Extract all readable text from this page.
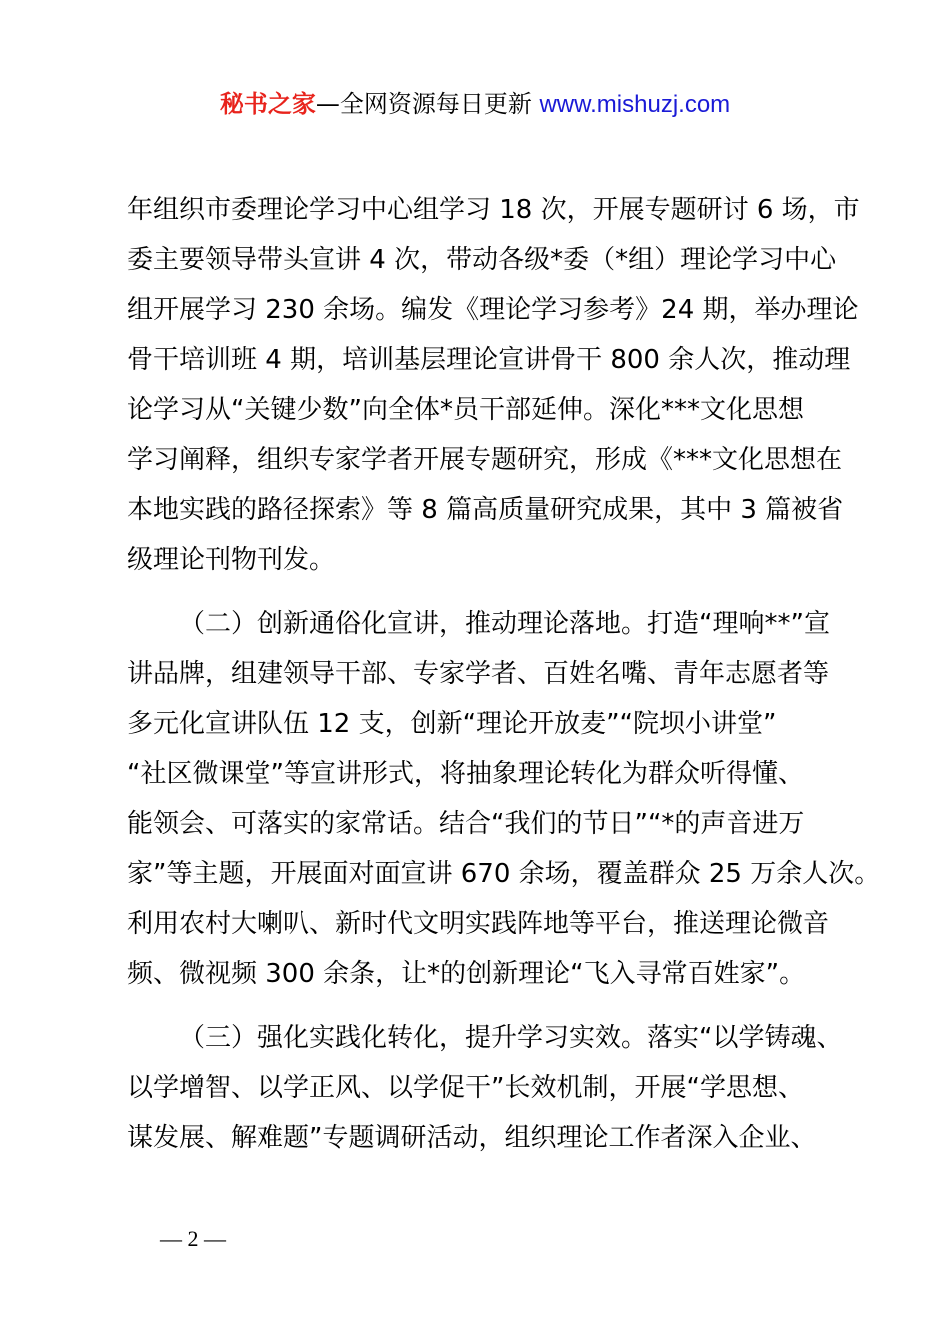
秘书之家—全网资源每日更新 www.mishuzj.com
年组织市委理论学习中心组学习 18 次，开展专题研讨 6 场，市
委主要领导带头宣讲 4 次，带动各级*委（*组）理论学习中心
组开展学习 230 余场。编发《理论学习参考》24 期，举办理论
骨干培训班 4 期，培训基层理论宣讲骨干 800 余人次，推动理
论学习从“关键少数”向全体*员干部延伸。深化***文化思想
学习阐释，组织专家学者开展专题研究，形成《***文化思想在
本地实践的路径探索》等 8 篇高质量研究成果，其中 3 篇被省
级理论刊物刊发。
（二）创新通俗化宣讲，推动理论落地。打造“理响**”宣
讲品牌，组建领导干部、专家学者、百姓名嘴、青年志愿者等
多元化宣讲队伍 12 支，创新“理论开放麦”“院坝小讲堂”
“社区微课堂”等宣讲形式，将抽象理论转化为群众听得懂、
能领会、可落实的家常话。结合“我们的节日”“*的声音进万
家”等主题，开展面对面宣讲 670 余场，覆盖群众 25 万余人次。
利用农村大喇叭、新时代文明实践阵地等平台，推送理论微音
频、微视频 300 余条，让*的创新理论“飞入寻常百姓家”。
（三）强化实践化转化，提升学习实效。落实“以学铸魂、
以学增智、以学正风、以学促干”长效机制，开展“学思想、
谋发展、解难题”专题调研活动，组织理论工作者深入企业、
— 2 —
